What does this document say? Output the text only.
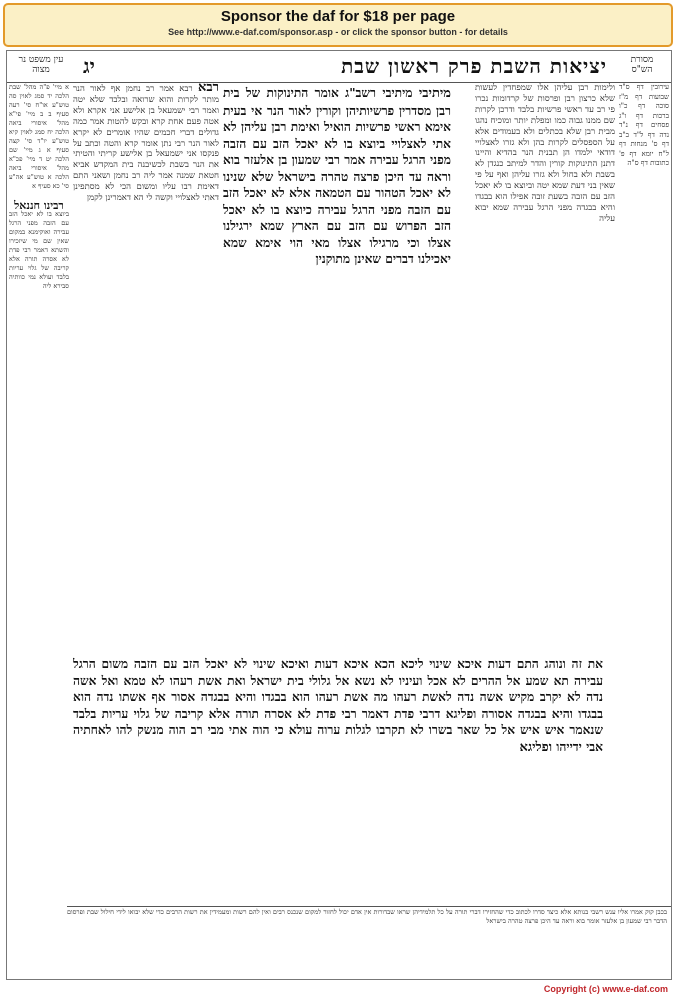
Sponsor the daf for $18 per page
See http://www.e-daf.com/sponsor.asp - or click the sponsor button - for details
מסורת הש"ס
יציאות השבת פרק ראשון שבת
יג
עין משפט נר מצוה
עירובין דף ס"ד שבועות דף מ"ז סוכה דף כ"ו ברכות דף ו"ג פסחים דף נ"ד נדה דף ל"ד ב"ב דף ס' מנחות דף ל"ח יומא דף פ' כתובות דף ס"ה
ולימות רבן עליהן אלו שמפחדין לעשות שלא כרצון רבן ופרסות של קרדומות נכרו פי רב עד ראשי פרשיות בלבד ודרכן לקרות שם ממנו גבוה כמו ומפלת יותר ומוכיח נהגו מבית רבן שלא בכתלים ולא בעמודים אלא על הספסלים לקרות בהן ולא גזרו לאצלויי דודאי ילמדו הן תבנית הנר בהדיא והיינו דתנן התינוקות קורין והדר למיתב כנגדן לא בשבת ולא בחול ולא גזרו עליהן ואף על פי שאין בני דעת שמא יטה וביוצא בו לא יאכל הזב עם הזבה בשעת זובה אפילו הוא בבגדו והיא בבגדה מפני הרגל עבירה שמא יבוא עליה
מיתיבי מיתיבי רשב"ג אומר התינוקות של בית רבן מסדרין פרשיותיהן וקורין לאור הנר אי בעית אימא ראשי פרשיות הואיל ואימת רבן עליהן לא אתי לאצלויי ביוצא בו לא יאכל הזב עם הזבה מפני הרגל עבירה אמר רבי שמעון בן אלעזר בוא וראה עד היכן פרצה טהרה בישראל שלא שנינו לא יאכל הטהור עם הטמאה אלא לא יאכל הזב עם הזבה מפני הרגל עבירה כיוצא בו לא יאכל הזב הפרוש עם הזב עם הארץ שמא ירגילנו אצלו וכי מרגילו אצלו מאי הוי אימא שמא יאכילנו דברים שאינן מתוקנין
רבא רבא אמר רב נחמן אף לאור הנר מותר לקרות והוא שרואה ובלבד שלא יטה ואמר רבי ישמעאל בן אלישע אני אקרא ולא אטה פעם אחת קרא ובקש להטות אמר כמה גדולים דברי חכמים שהיו אומרים לא יקרא לאור הנר רבי נתן אומר קרא והטה וכתב על פנקסו אני ישמעאל בן אלישע קריתי והטיתי את הנר בשבת לכשיבנה בית המקדש אביא חטאת שמנה אמר ליה רב נחמן ושאני התם דאימת רבו עליו ומשום הכי לא מסתפינן דאתי לאצלויי וקשה לי הא דאמרינן לקמן
א מיי' פ"ה מהל' שבת הלכה יד סמג לאוין סה טוש"ע או"ח סי' רעה סעיף ב ב מיי' פי"א מהל' איסורי ביאה הלכה יח סמג לאוין קיא טוש"ע יו"ד סי' קצה סעיף א ג מיי' שם הלכה יט ד מיי' פכ"א מהל' איסורי ביאה הלכה א טוש"ע אה"ע סי' כא סעיף א
רבינו חננאל
ביוצא בו לא יאכל הזב עם הזבה מפני הרגל עבירה ואוקימנא במקום שאין שם מי שיזכירו והשתא דאמר רבי פדת לא אסרה תורה אלא קריבה של גלוי עריות בלבד ועולא נמי כוותיה סבירא ליה
את זה ונוהג התם דעות איכא שינוי ליכא הכא איכא דעות ואיכא שינוי לא יאכל הזב עם הזבה משום הרגל עבירה תא שמע אל ההרים לא אכל ועיניו לא נשא אל גלולי בית ישראל ואת אשת רעהו לא טמא ואל אשה נדה לא יקרב מקיש אשה נדה לאשת רעהו מה אשת רעהו הוא בבגדו והיא בבגדה אסור אף אשתו נדה הוא בבגדו והיא בבגדה אסורה ופליגא דרבי פדת דאמר רבי פדת לא אסרה תורה אלא קריבה של גלוי עריות בלבד שנאמר איש איש אל כל שאר בשרו לא תקרבו לגלות ערוה עולא כי הוה אתי מבי רב הוה מנשק להו לאחתיה אבי ידייהו ופליגא
בכבן קוק אמרו אליו ענש רשבי בנותא אלא כיצד סדרו לכתוב כדי שהחזירו דברי תורה על כל תלמידיהן שראו שבדורות אין אדם יכול לחזור למקום שנכנס רבים ואין להם רשות ומעמידין את רשות הרבים כדי שלא יבואו לידי חילול שבת ופרסום הדבר רבי שמעון בן אלעזר אומר בוא וראה עד היכן פרצה טהרה בישראל
Copyright (c) www.e-daf.com
